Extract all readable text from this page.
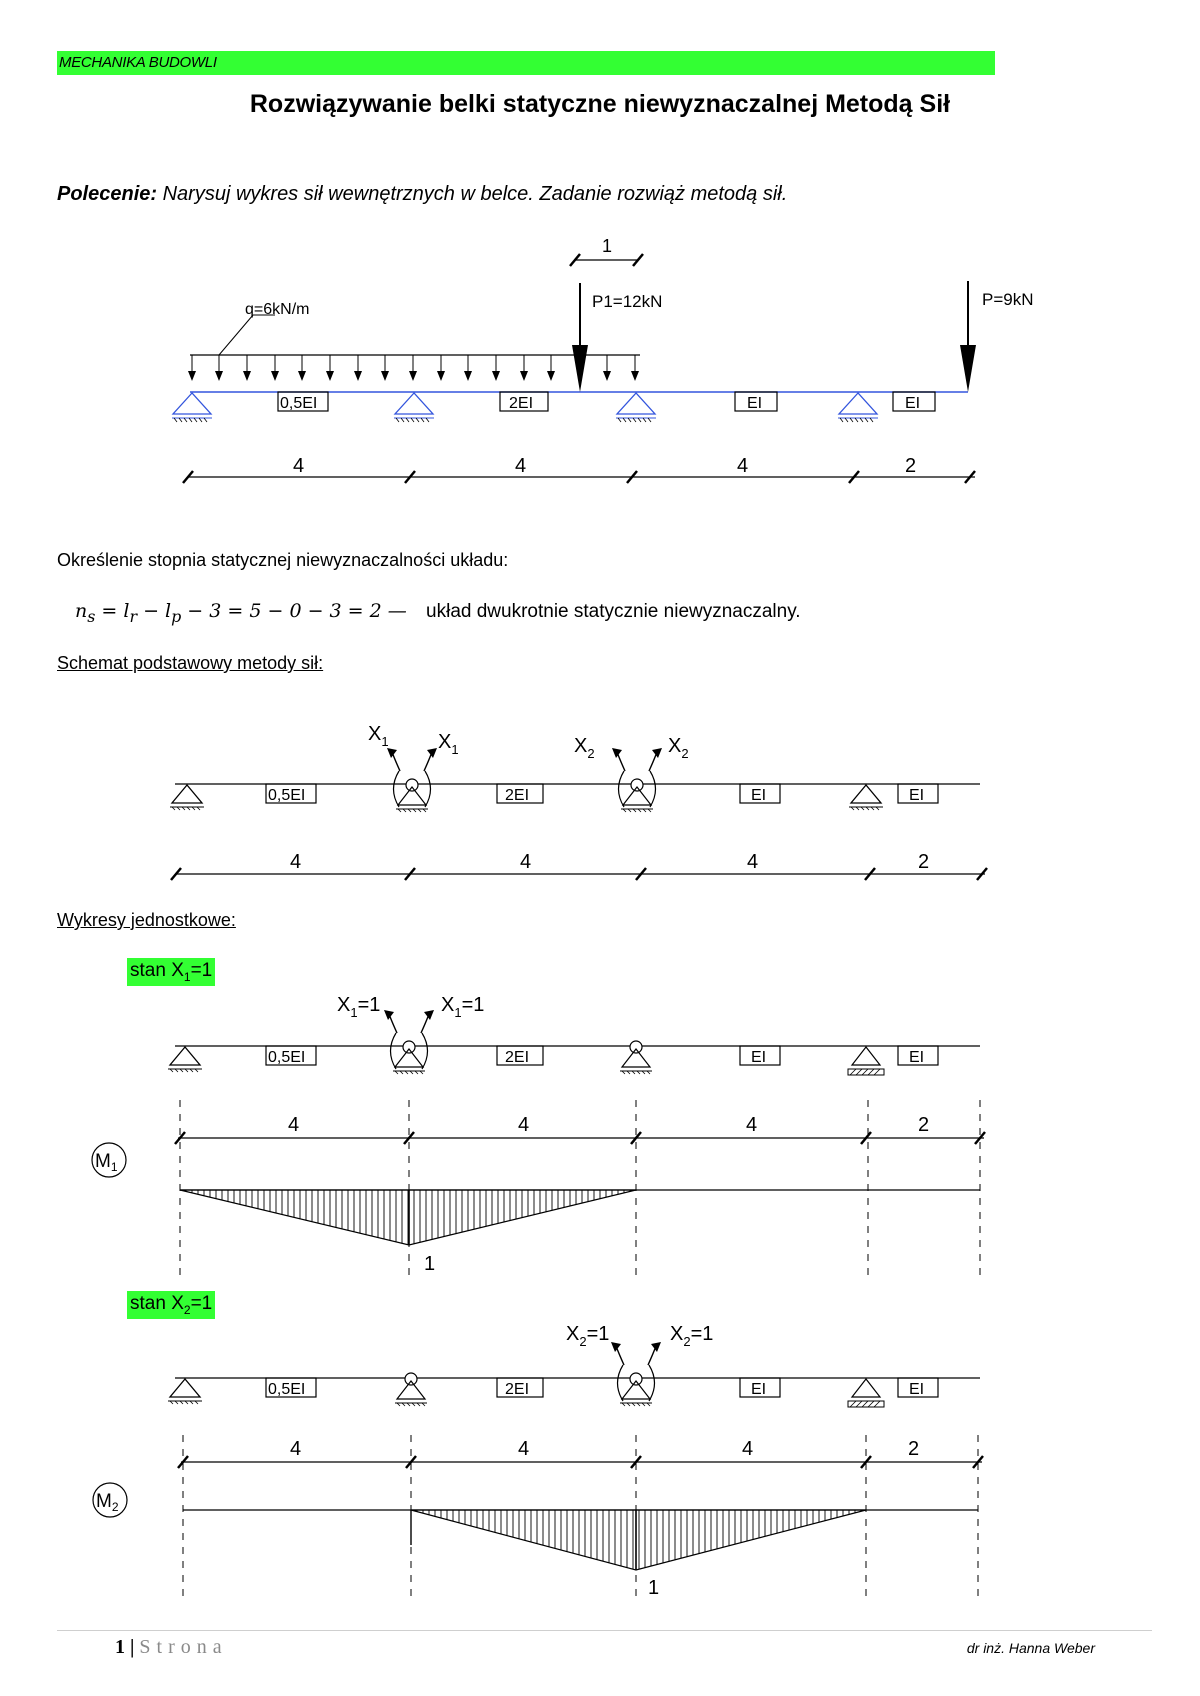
MECHANIKA BUDOWLI
Rozwiązywanie belki statyczne niewyznaczalnej Metodą Sił
Polecenie: Narysuj wykres sił wewnętrznych w belce. Zadanie rozwiąż metodą sił.
Określenie stopnia statycznej niewyznaczalności układu:
$n_s = l_r - l_p - 3 = 5 - 0 - 3 = 2$ — układ dwukrotnie statycznie niewyznaczalny.
Schemat podstawowy metody sił:
Wykresy jednostkowe:
stan $X_1=1$
stan $X_2=1$
q=6kN/m	P1=12kN	P=9kN
1
0,5EI	2EI	EI	EI
4	4	4	2
$X_1$ $X_1$	$X_2$	$X_2$
0,5EI	2EI	EI	EI
4	4	4	2
$X_1=1$	$X_1=1$
0,5EI	2EI	EI	EI
4	4	4	2
$M_1$
1
$X_2=1$	$X_2=1$
0,5EI	2EI	EI	EI
4	4	4	2
$M_2$
1
1 | Strona	dr inż. Hanna Weber
